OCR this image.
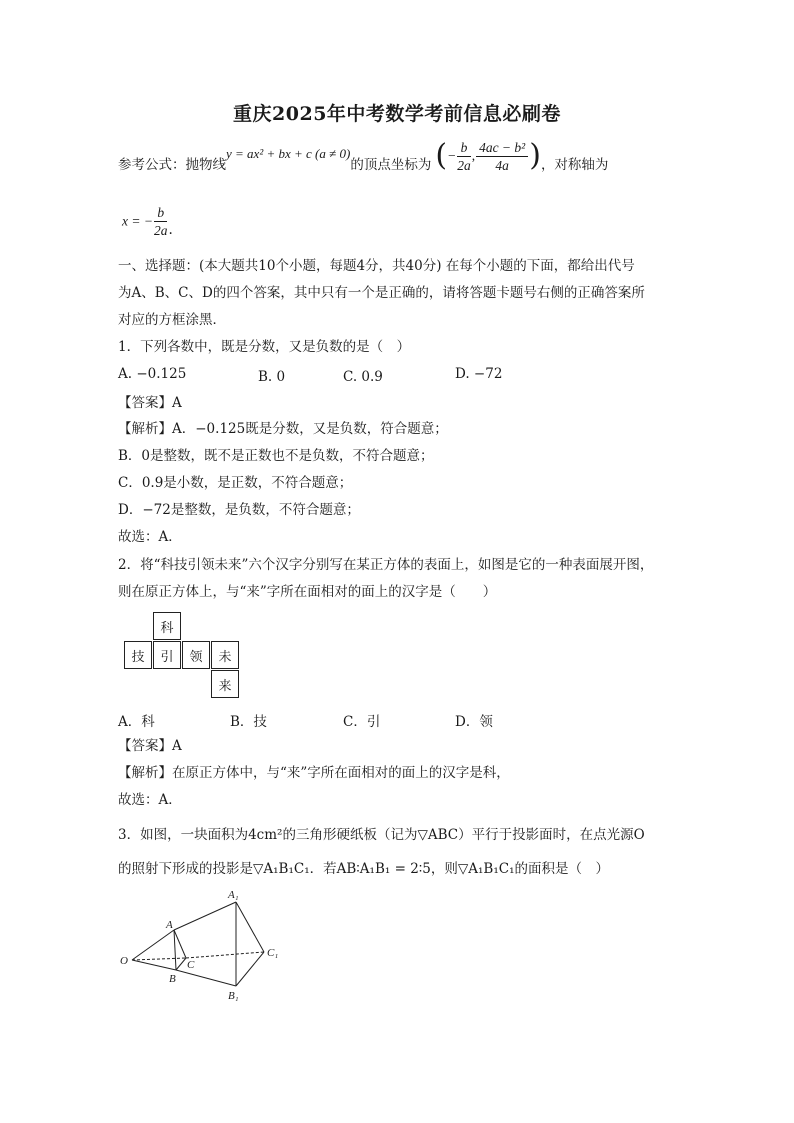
重庆2025年中考数学考前信息必刷卷
参考公式：抛物线y = ax² + bx + c (a ≠ 0)的顶点坐标为 (− $\frac{b}{2a}$ , $\frac{\text{4ac − b²}}{4a}$ )，对称轴为
x = − $\frac{b}{2a}$ .
一、选择题：(本大题共10个小题，每题4分，共40分) 在每个小题的下面，都给出代号
为A、B、C、D的四个答案，其中只有一个是正确的，请将答题卡题号右侧的正确答案所
对应的方框涂黑．
1．下列各数中，既是分数，又是负数的是（　）
A. −0.125	B. 0	C. 0.9	D. −72
【答案】A
【解析】A．−0.125既是分数，又是负数，符合题意；
B．0是整数，既不是正数也不是负数，不符合题意；
C．0.9是小数，是正数，不符合题意；
D．−72是整数，是负数，不符合题意；
故选：A．
2．将“科技引领未来”六个汉字分别写在某正方体的表面上，如图是它的一种表面展开图，
则在原正方体上，与“来”字所在面相对的面上的汉字是（　　）
科
技	引	领	未
来
A．科	B．技	C．引	D．领
【答案】A
【解析】在原正方体中，与“来”字所在面相对的面上的汉字是科，
故选：A．
3．如图，一块面积为4cm²的三角形硬纸板（记为▽ABC）平行于投影面时，在点光源O
的照射下形成的投影是▽A₁B₁C₁．若AB∶A₁B₁ = 2∶5，则▽A₁B₁C₁的面积是（　）
O
A
B
C
A₁
B₁
C₁
